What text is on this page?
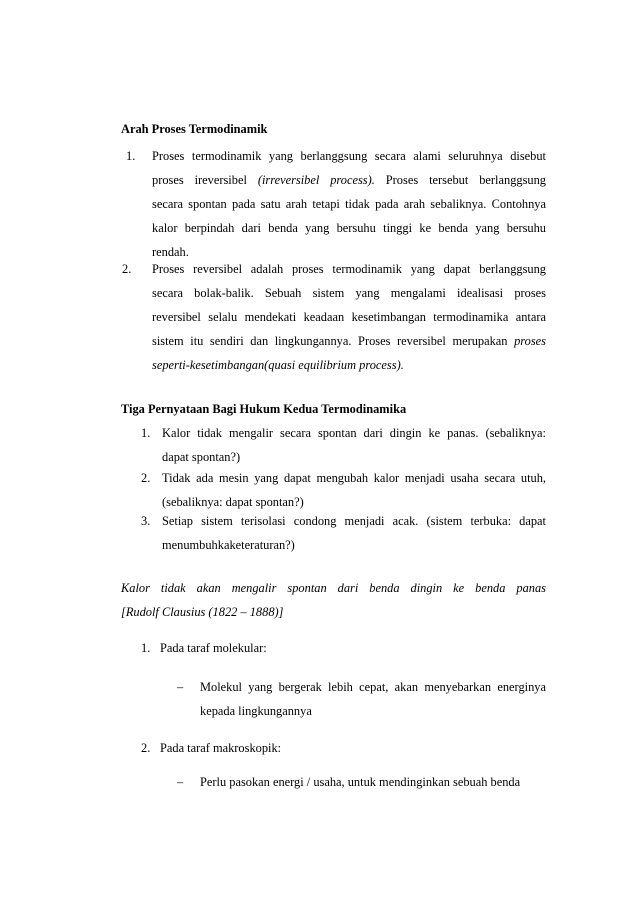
Arah Proses Termodinamik
1. Proses termodinamik yang berlanggsung secara alami seluruhnya disebut
proses ireversibel (irreversibel process). Proses tersebut berlanggsung
secara spontan pada satu arah tetapi tidak pada arah sebaliknya. Contohnya
kalor berpindah dari benda yang bersuhu tinggi ke benda yang bersuhu
rendah.
2. Proses reversibel adalah proses termodinamik yang dapat berlanggsung
secara bolak-balik. Sebuah sistem yang mengalami idealisasi proses
reversibel selalu mendekati keadaan kesetimbangan termodinamika antara
sistem itu sendiri dan lingkungannya. Proses reversibel merupakan proses
seperti-kesetimbangan(quasi equilibrium process).
Tiga Pernyataan Bagi Hukum Kedua Termodinamika
1. Kalor tidak mengalir secara spontan dari dingin ke panas. (sebaliknya:
dapat spontan?)
2. Tidak ada mesin yang dapat mengubah kalor menjadi usaha secara utuh,
(sebaliknya: dapat spontan?)
3. Setiap sistem terisolasi condong menjadi acak. (sistem terbuka: dapat
menumbuhkaketeraturan?)
Kalor tidak akan mengalir spontan dari benda dingin ke benda panas
[Rudolf Clausius (1822 – 1888)]
1. Pada taraf molekular:
– Molekul yang bergerak lebih cepat, akan menyebarkan energinya
kepada lingkungannya
2. Pada taraf makroskopik:
– Perlu pasokan energi / usaha, untuk mendinginkan sebuah benda
